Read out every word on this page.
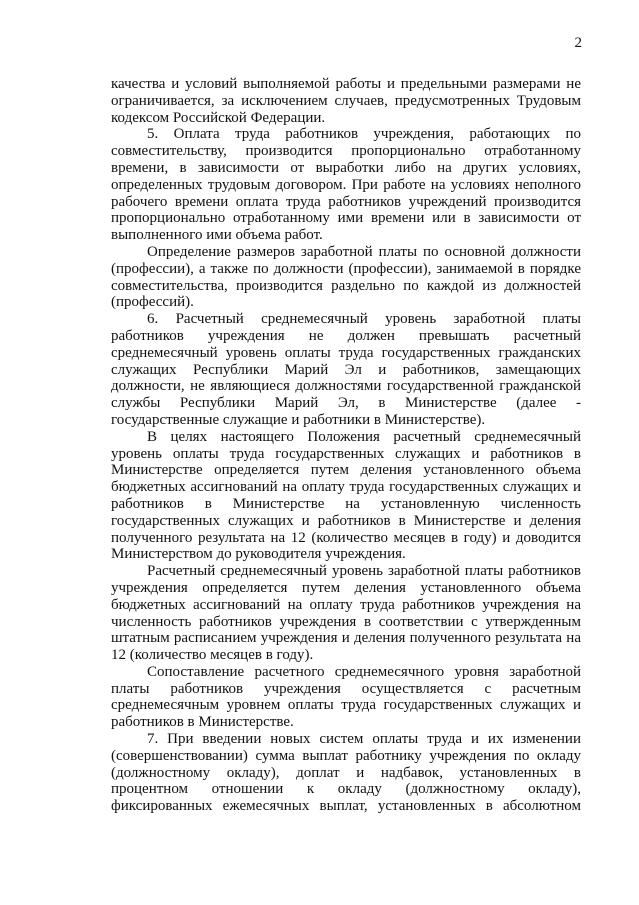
2

качества и условий выполняемой работы и предельными размерами не ограничивается, за исключением случаев, предусмотренных Трудовым кодексом Российской Федерации.

5. Оплата труда работников учреждения, работающих по совместительству, производится пропорционально отработанному времени, в зависимости от выработки либо на других условиях, определенных трудовым договором. При работе на условиях неполного рабочего времени оплата труда работников учреждений производится пропорционально отработанному ими времени или в зависимости от выполненного ими объема работ.

Определение размеров заработной платы по основной должности (профессии), а также по должности (профессии), занимаемой в порядке совместительства, производится раздельно по каждой из должностей (профессий).

6. Расчетный среднемесячный уровень заработной платы работников учреждения не должен превышать расчетный среднемесячный уровень оплаты труда государственных гражданских служащих Республики Марий Эл и работников, замещающих должности, не являющиеся должностями государственной гражданской службы Республики Марий Эл, в Министерстве (далее - государственные служащие и работники в Министерстве).

В целях настоящего Положения расчетный среднемесячный уровень оплаты труда государственных служащих и работников в Министерстве определяется путем деления установленного объема бюджетных ассигнований на оплату труда государственных служащих и работников в Министерстве на установленную численность государственных служащих и работников в Министерстве и деления полученного результата на 12 (количество месяцев в году) и доводится Министерством до руководителя учреждения.

Расчетный среднемесячный уровень заработной платы работников учреждения определяется путем деления установленного объема бюджетных ассигнований на оплату труда работников учреждения на численность работников учреждения в соответствии с утвержденным штатным расписанием учреждения и деления полученного результата на 12 (количество месяцев в году).

Сопоставление расчетного среднемесячного уровня заработной платы работников учреждения осуществляется с расчетным среднемесячным уровнем оплаты труда государственных служащих и работников в Министерстве.

7. При введении новых систем оплаты труда и их изменении (совершенствовании) сумма выплат работнику учреждения по окладу (должностному окладу), доплат и надбавок, установленных в процентном отношении к окладу (должностному окладу), фиксированных ежемесячных выплат, установленных в абсолютном
